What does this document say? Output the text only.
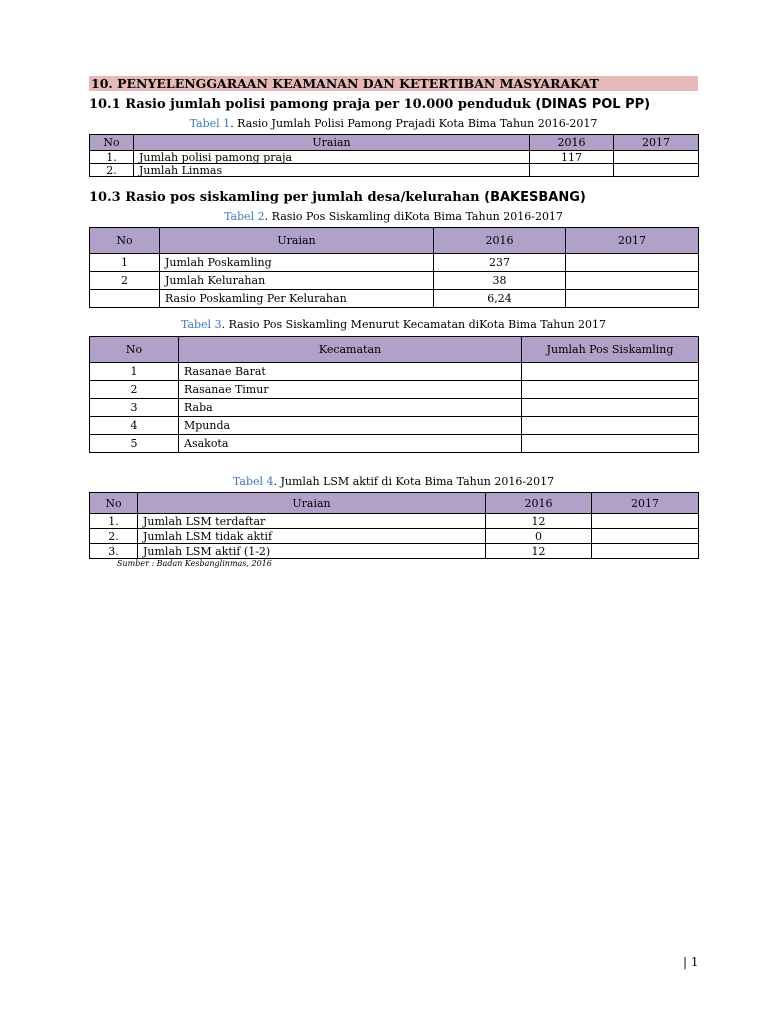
10. PENYELENGGARAAN KEAMANAN DAN KETERTIBAN MASYARAKAT
10.1 Rasio jumlah polisi pamong praja per 10.000 penduduk (DINAS POL PP)
Tabel 1. Rasio Jumlah Polisi Pamong Prajadi Kota Bima Tahun 2016-2017
No	Uraian	2016	2017
1.	Jumlah polisi pamong praja	117	
2.	Jumlah Linmas		
10.3 Rasio pos siskamling per jumlah desa/kelurahan (BAKESBANG)
Tabel 2. Rasio Pos Siskamling diKota Bima Tahun 2016-2017
No	Uraian	2016	2017
1	Jumlah Poskamling	237	
2	Jumlah Kelurahan	38	
	Rasio Poskamling Per Kelurahan	6,24	
Tabel 3. Rasio Pos Siskamling Menurut Kecamatan diKota Bima Tahun 2017
No	Kecamatan	Jumlah Pos Siskamling
1	Rasanae Barat	
2	Rasanae Timur	
3	Raba	
4	Mpunda	
5	Asakota	
Tabel 4. Jumlah LSM aktif di Kota Bima Tahun 2016-2017
No	Uraian	2016	2017
1.	Jumlah LSM terdaftar	12	
2.	Jumlah LSM tidak aktif	0	
3.	Jumlah LSM aktif (1-2)	12	
Sumber : Badan Kesbanglinmas, 2016
| 1
